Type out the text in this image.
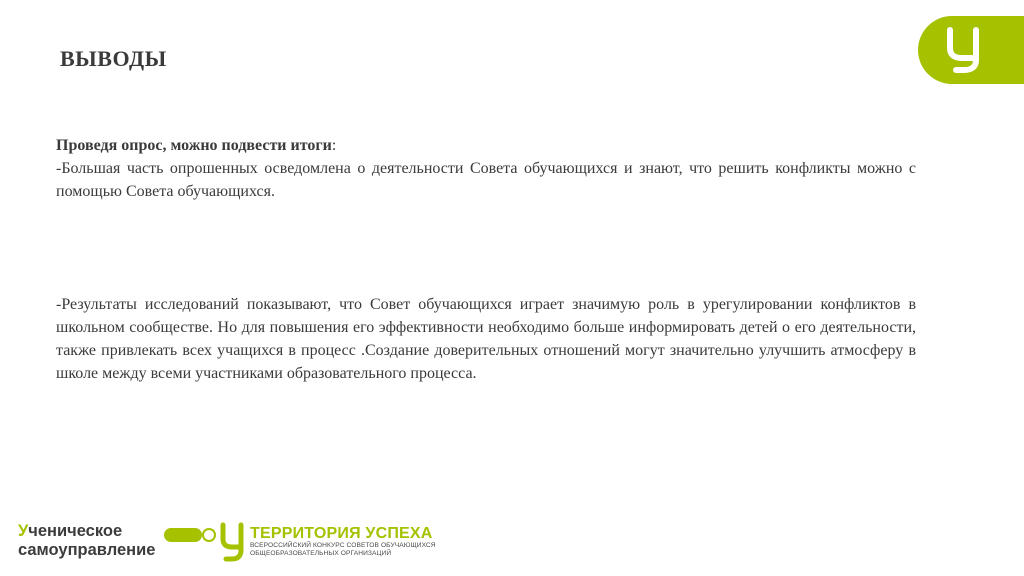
ВЫВОДЫ
Проведя опрос, можно подвести итоги:
-Большая часть опрошенных осведомлена о деятельности Совета обучающихся и знают, что решить конфликты можно с помощью Совета обучающихся.
-Результаты исследований показывают, что Совет обучающихся играет значимую роль в урегулировании конфликтов в школьном сообществе. Но для повышения его эффективности необходимо больше информировать детей о его деятельности, также привлекать всех учащихся в процесс .Создание доверительных отношений могут значительно улучшить атмосферу в школе между всеми участниками образовательного процесса.
Ученическое
самоуправление
ТЕРРИТОРИЯ УСПЕХА
ВСЕРОССИЙСКИЙ КОНКУРС СОВЕТОВ ОБУЧАЮЩИХСЯ
ОБЩЕОБРАЗОВАТЕЛЬНЫХ ОРГАНИЗАЦИЙ
